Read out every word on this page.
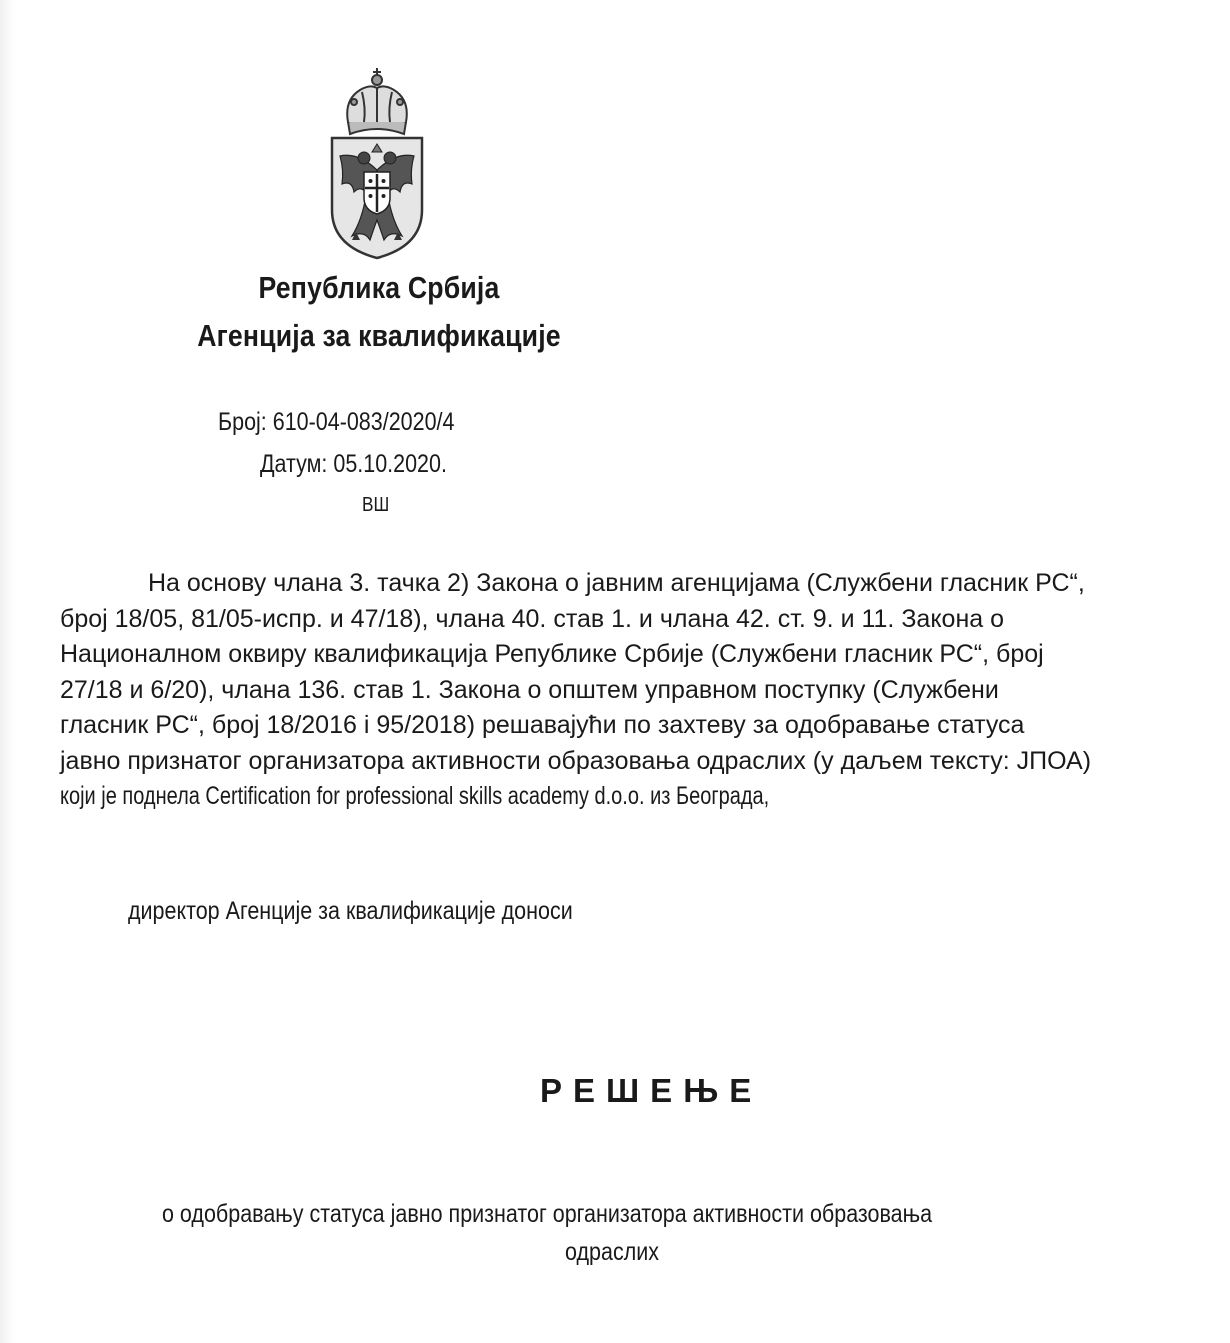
Република Србија
Агенција за квалификације
Број: 610-04-083/2020/4
Датум: 05.10.2020.
ВШ
На основу члана 3. тачка 2) Закона о јавним агенцијама (Службени гласник РС“,
број 18/05, 81/05-испр. и 47/18), члана 40. став 1. и члана 42. ст. 9. и 11. Закона о
Националном оквиру квалификација Републике Србије (Службени гласник РС“, број
27/18 и 6/20), члана 136. став 1. Закона о општем управном поступку (Службени
гласник РС“, број 18/2016 і 95/2018) решавајући по захтеву за одобравање статуса
јавно признатог организатора активности образовања одраслих (у даљем тексту: ЈПОА)
који је поднела Certification for professional skills academy d.o.o. из Београда,
директор Агенције за квалификације доноси
РЕШЕЊЕ
о одобравању статуса јавно признатог организатора активности образовања
одраслих
